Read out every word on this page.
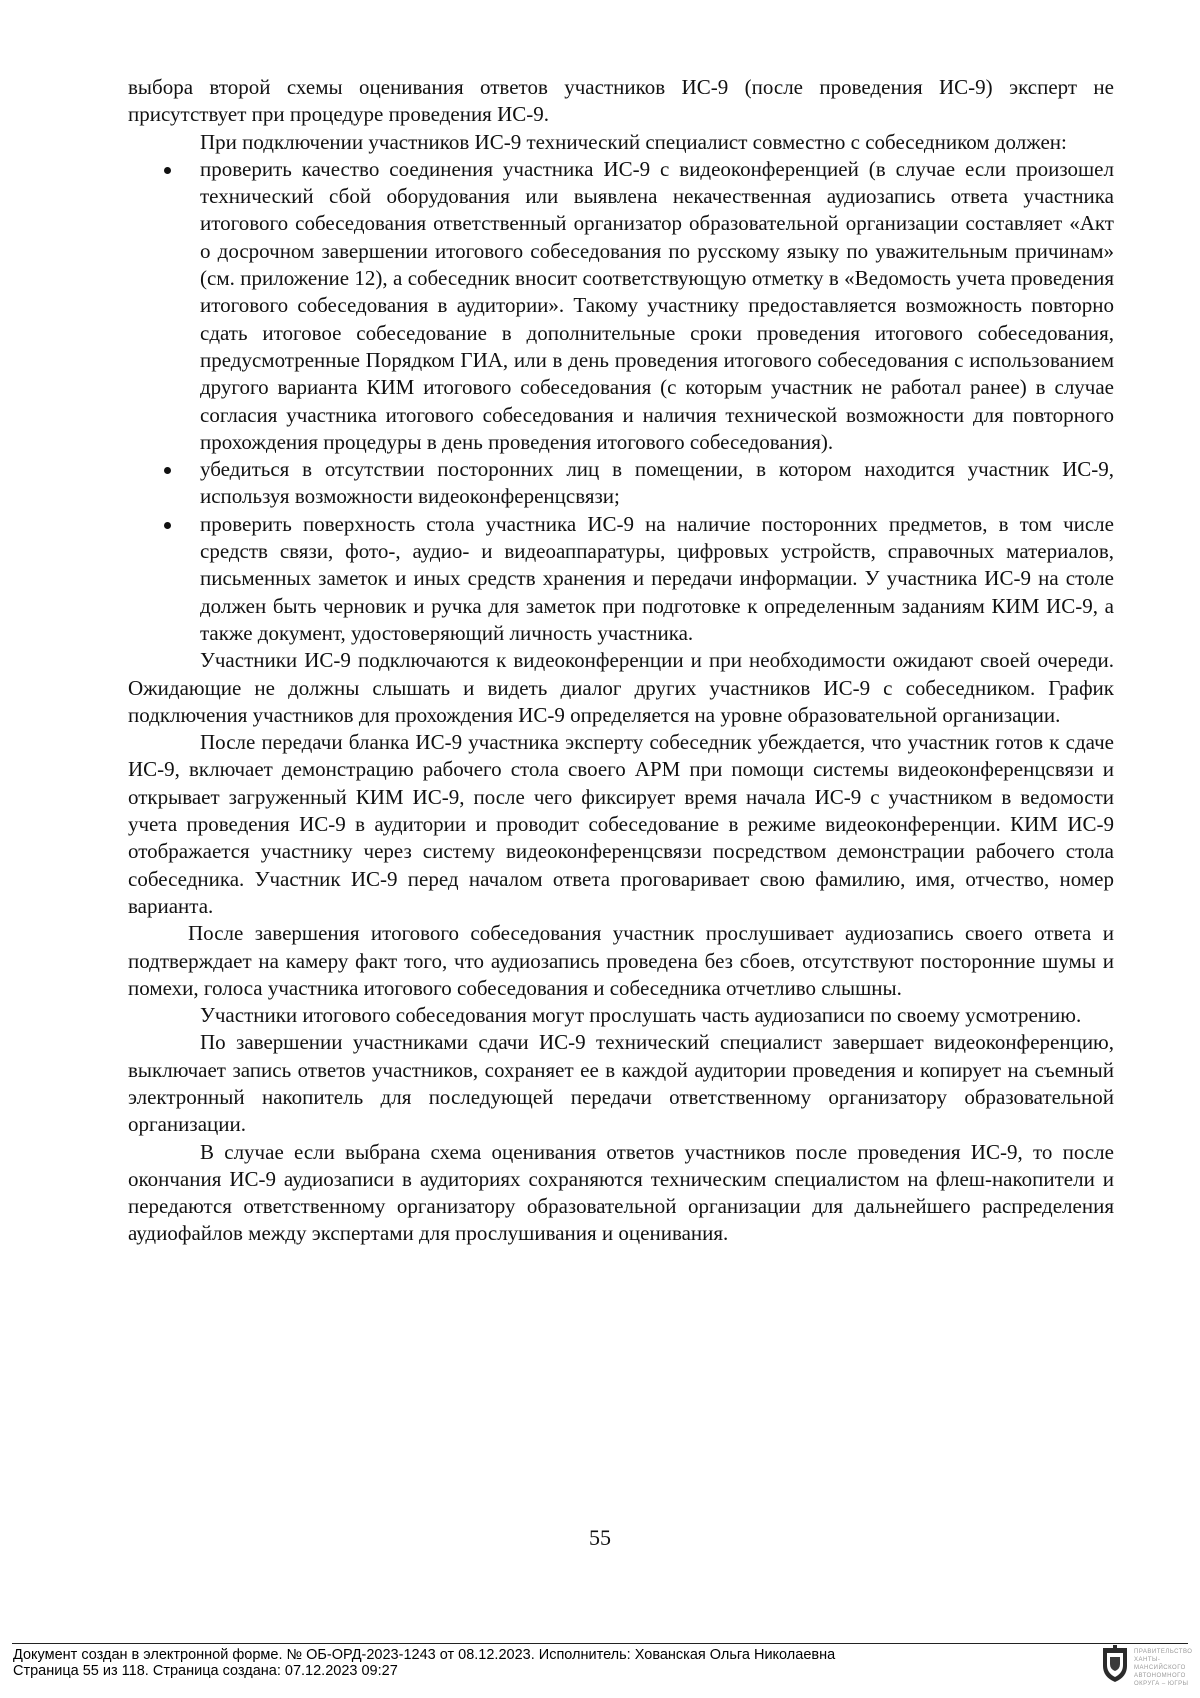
выбора второй схемы оценивания ответов участников ИС-9 (после проведения ИС-9) эксперт не присутствует при процедуре проведения ИС-9.

При подключении участников ИС-9 технический специалист совместно с собеседником должен:

проверить качество соединения участника ИС-9 с видеоконференцией (в случае если произошел технический сбой оборудования или выявлена некачественная аудиозапись ответа участника итогового собеседования ответственный организатор образовательной организации составляет «Акт о досрочном завершении итогового собеседования по русскому языку по уважительным причинам» (см. приложение 12), а собеседник вносит соответствующую отметку в «Ведомость учета проведения итогового собеседования в аудитории». Такому участнику предоставляется возможность повторно сдать итоговое собеседование в дополнительные сроки проведения итогового собеседования, предусмотренные Порядком ГИА, или в день проведения итогового собеседования с использованием другого варианта КИМ итогового собеседования (с которым участник не работал ранее) в случае согласия участника итогового собеседования и наличия технической возможности для повторного прохождения процедуры в день проведения итогового собеседования).
убедиться в отсутствии посторонних лиц в помещении, в котором находится участник ИС-9, используя возможности видеоконференцсвязи;
проверить поверхность стола участника ИС-9 на наличие посторонних предметов, в том числе средств связи, фото-, аудио- и видеоаппаратуры, цифровых устройств, справочных материалов, письменных заметок и иных средств хранения и передачи информации. У участника ИС-9 на столе должен быть черновик и ручка для заметок при подготовке к определенным заданиям КИМ ИС-9, а также документ, удостоверяющий личность участника.

Участники ИС-9 подключаются к видеоконференции и при необходимости ожидают своей очереди. Ожидающие не должны слышать и видеть диалог других участников ИС-9 с собеседником. График подключения участников для прохождения ИС-9 определяется на уровне образовательной организации.

После передачи бланка ИС-9 участника эксперту собеседник убеждается, что участник готов к сдаче ИС-9, включает демонстрацию рабочего стола своего АРМ при помощи системы видеоконференцсвязи и открывает загруженный КИМ ИС-9, после чего фиксирует время начала ИС-9 с участником в ведомости учета проведения ИС-9 в аудитории и проводит собеседование в режиме видеоконференции. КИМ ИС-9 отображается участнику через систему видеоконференцсвязи посредством демонстрации рабочего стола собеседника. Участник ИС-9 перед началом ответа проговаривает свою фамилию, имя, отчество, номер варианта.

После завершения итогового собеседования участник прослушивает аудиозапись своего ответа и подтверждает на камеру факт того, что аудиозапись проведена без сбоев, отсутствуют посторонние шумы и помехи, голоса участника итогового собеседования и собеседника отчетливо слышны.

Участники итогового собеседования могут прослушать часть аудиозаписи по своему усмотрению.

По завершении участниками сдачи ИС-9 технический специалист завершает видеоконференцию, выключает запись ответов участников, сохраняет ее в каждой аудитории проведения и копирует на съемный электронный накопитель для последующей передачи ответственному организатору образовательной организации.

В случае если выбрана схема оценивания ответов участников после проведения ИС-9, то после окончания ИС-9 аудиозаписи в аудиториях сохраняются техническим специалистом на флеш-накопители и передаются ответственному организатору образовательной организации для дальнейшего распределения аудиофайлов между экспертами для прослушивания и оценивания.

55
Документ создан в электронной форме. № ОБ-ОРД-2023-1243 от 08.12.2023. Исполнитель: Хованская Ольга Николаевна
Страница 55 из 118. Страница создана: 07.12.2023 09:27
ПРАВИТЕЛЬСТВО ХАНТЫ-МАНСИЙСКОГО АВТОНОМНОГО ОКРУГА – ЮГРЫ
